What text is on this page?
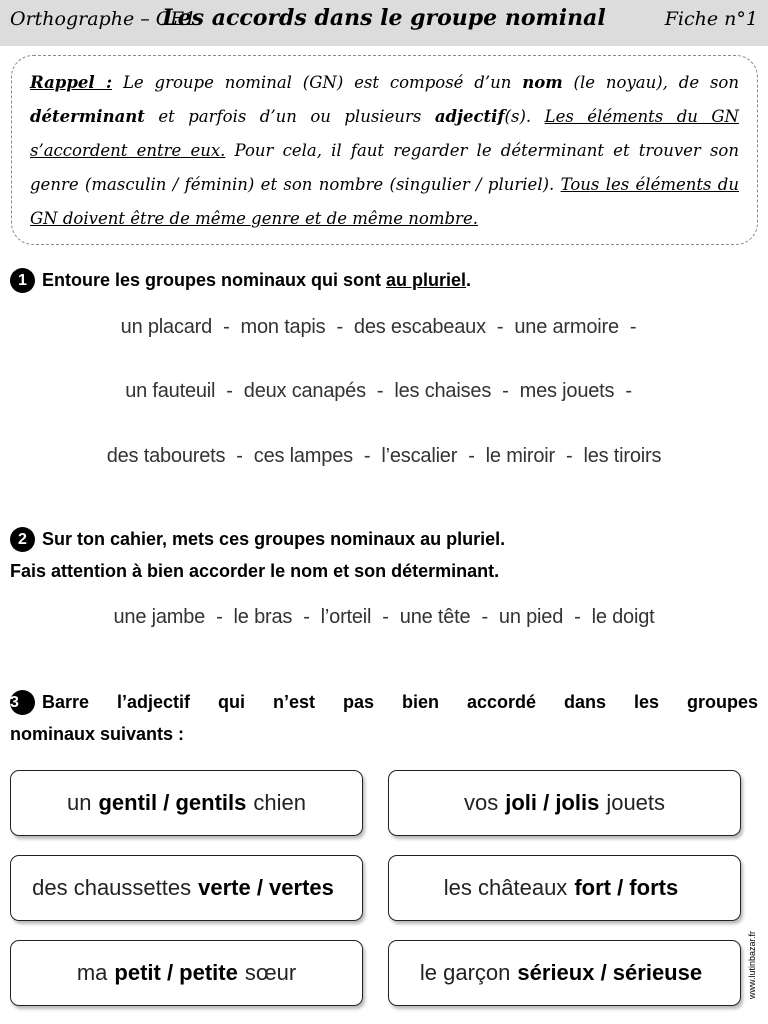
Orthographe – CE1
Les accords dans le groupe nominal	Fiche n°1
Rappel : Le groupe nominal (GN) est composé d’un nom (le noyau), de son déterminant et parfois d’un ou plusieurs adjectif(s). Les éléments du GN s’accordent entre eux. Pour cela, il faut regarder le déterminant et trouver son genre (masculin / féminin) et son nombre (singulier / pluriel). Tous les éléments du GN doivent être de même genre et de même nombre.
1 Entoure les groupes nominaux qui sont au pluriel.
un placard - mon tapis - des escabeaux - une armoire -
un fauteuil - deux canapés - les chaises - mes jouets -
des tabourets - ces lampes - l’escalier - le miroir - les tiroirs
2 Sur ton cahier, mets ces groupes nominaux au pluriel.
Fais attention à bien accorder le nom et son déterminant.
une jambe - le bras - l’orteil - une tête - un pied - le doigt
3 Barre l’adjectif qui n’est pas bien accordé dans les groupes
nominaux suivants :
un gentil / gentils chien	vos joli / jolis jouets
des chaussettes verte / vertes	les châteaux fort / forts
ma petit / petite sœur	le garçon sérieux / sérieuse	www.lutinbazar.fr
